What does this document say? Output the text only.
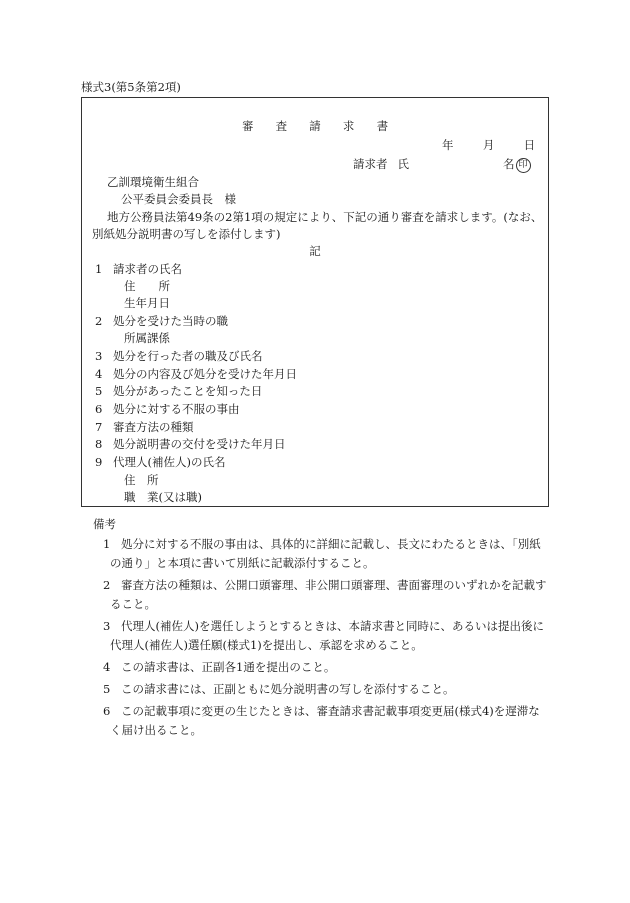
様式3(第5条第2項)
審 査 請 求 書
年	月	日
請求者 氏	名 印
乙訓環境衛生組合
公平委員会委員長　様
地方公務員法第49条の2第1項の規定により、下記の通り審査を請求します。(なお、
別紙処分説明書の写しを添付します)
記
1 請求者の氏名
住　　所
生年月日
2 処分を受けた当時の職
所属課係
3 処分を行った者の職及び氏名
4 処分の内容及び処分を受けた年月日
5 処分があったことを知った日
6 処分に対する不服の事由
7 審査方法の種類
8 処分説明書の交付を受けた年月日
9 代理人(補佐人)の氏名
住　所
職　業(又は職)
備考
1 処分に対する不服の事由は、具体的に詳細に記載し、長文にわたるときは、「別紙
の通り」と本項に書いて別紙に記載添付すること。
2 審査方法の種類は、公開口頭審理、非公開口頭審理、書面審理のいずれかを記載す
ること。
3 代理人(補佐人)を選任しようとするときは、本請求書と同時に、あるいは提出後に
代理人(補佐人)選任願(様式1)を提出し、承認を求めること。
4 この請求書は、正副各1通を提出のこと。
5 この請求書には、正副ともに処分説明書の写しを添付すること。
6 この記載事項に変更の生じたときは、審査請求書記載事項変更届(様式4)を遅滞な
く届け出ること。
